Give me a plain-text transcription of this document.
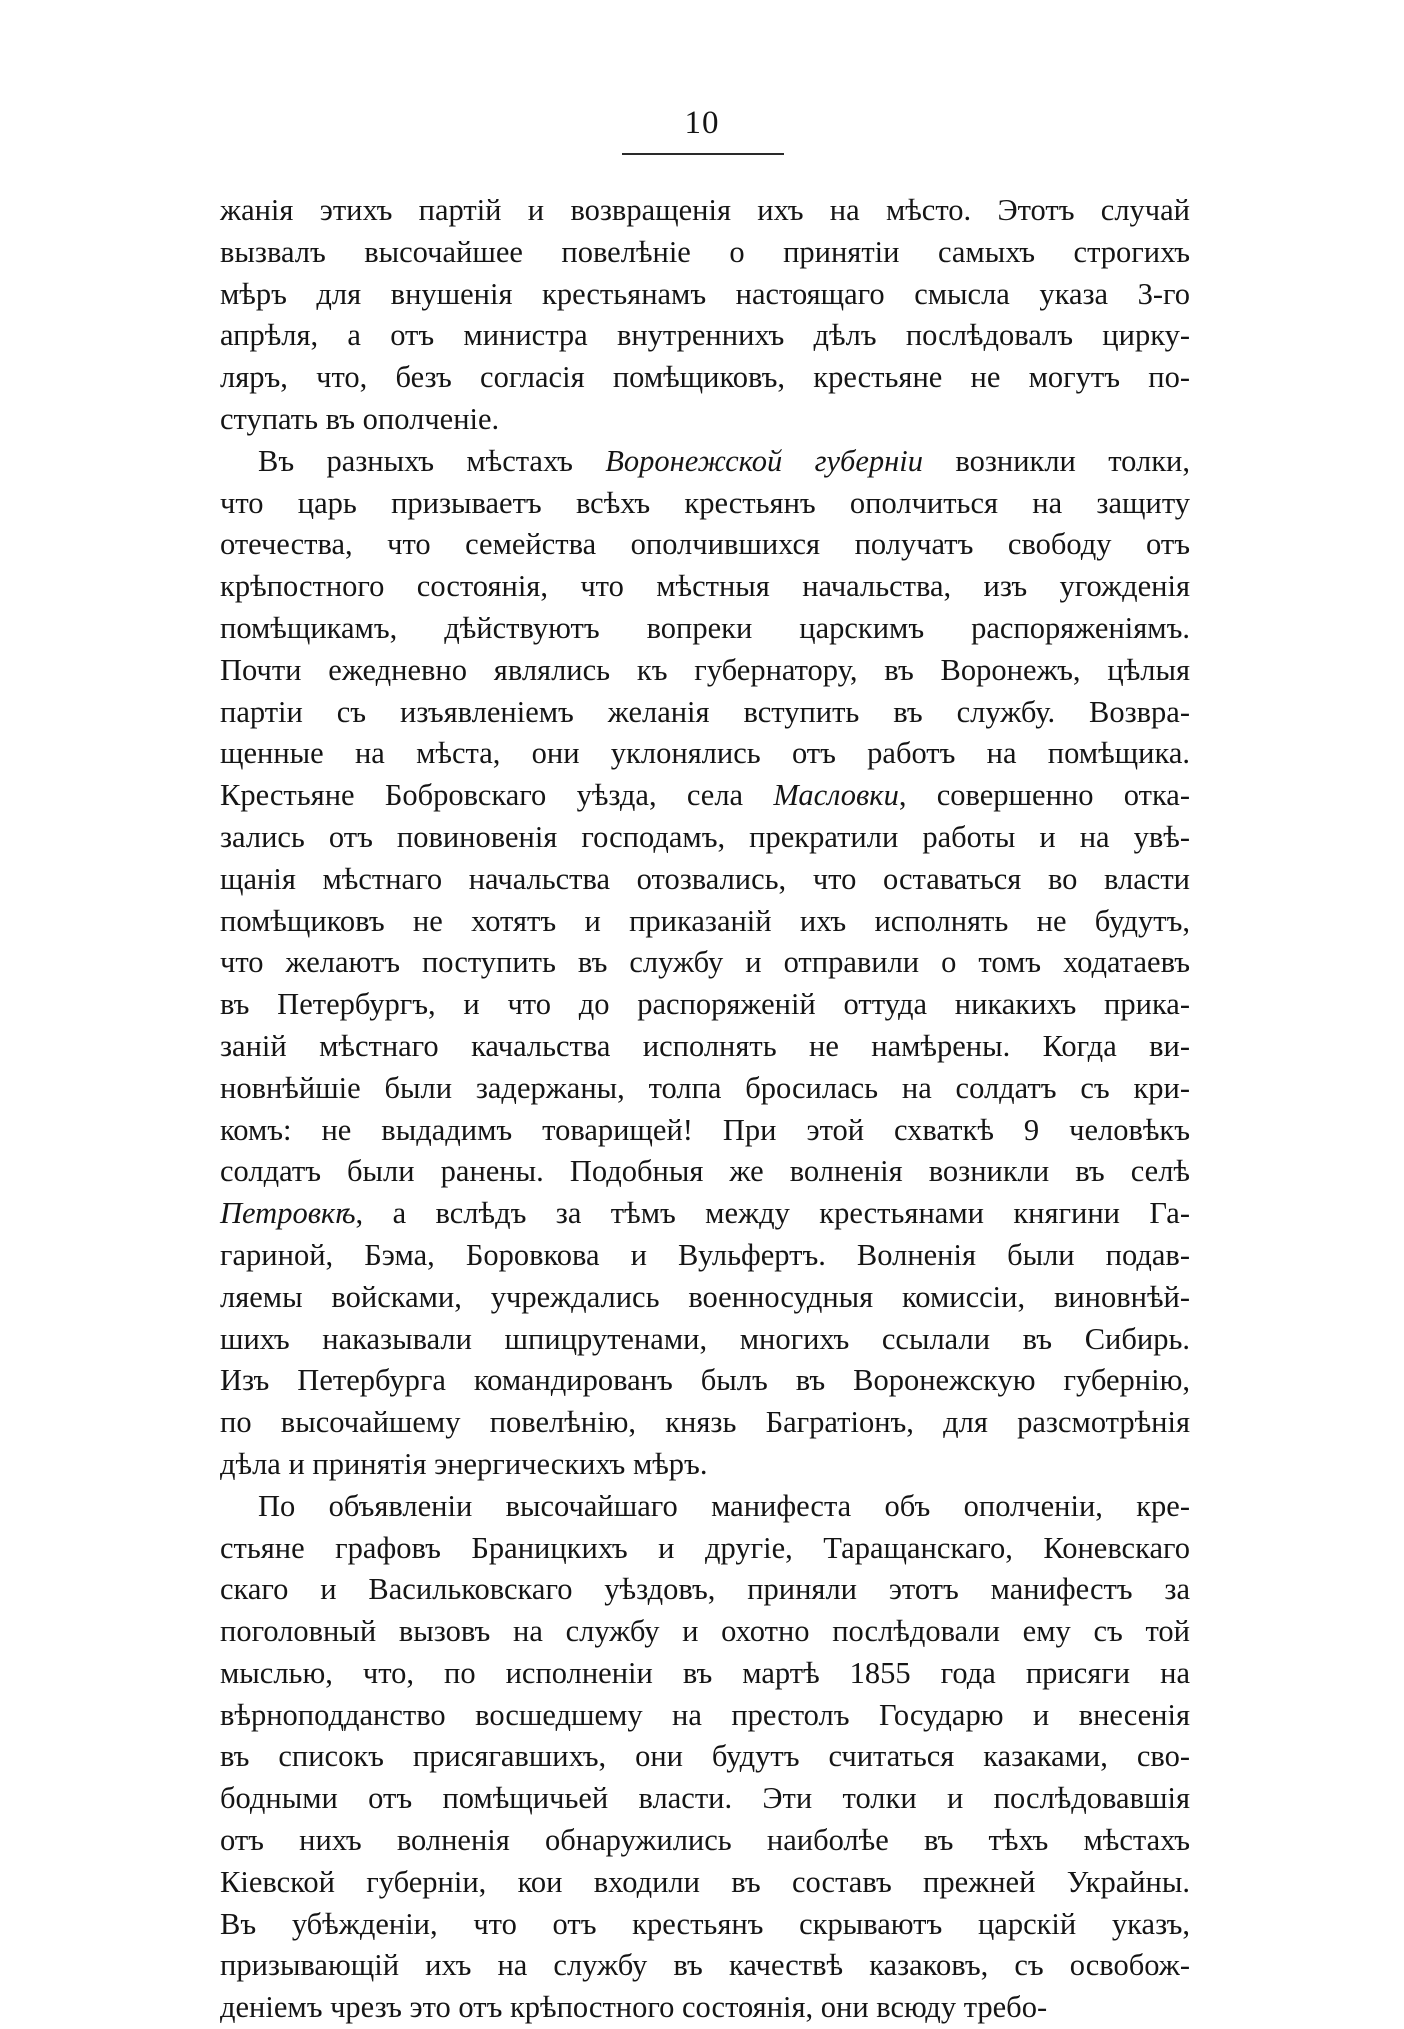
10
жанія этихъ партій и возвращенія ихъ на мѣсто. Этотъ случай
вызвалъ высочайшее повелѣніе о принятіи самыхъ строгихъ
мѣръ для внушенія крестьянамъ настоящаго смысла указа 3-го
апрѣля, а отъ министра внутреннихъ дѣлъ послѣдовалъ цирку-
ляръ, что, безъ согласія помѣщиковъ, крестьяне не могутъ по-
ступать въ ополченіе.
Въ разныхъ мѣстахъ Воронежской губерніи возникли толки,
что царь призываетъ всѣхъ крестьянъ ополчиться на защиту
отечества, что семейства ополчившихся получатъ свободу отъ
крѣпостного состоянія, что мѣстныя начальства, изъ угожденія
помѣщикамъ, дѣйствуютъ вопреки царскимъ распоряженіямъ.
Почти ежедневно являлись къ губернатору, въ Воронежъ, цѣлыя
партіи съ изъявленіемъ желанія вступить въ службу. Возвра-
щенные на мѣста, они уклонялись отъ работъ на помѣщика.
Крестьяне Бобровскаго уѣзда, села Масловки, совершенно отка-
зались отъ повиновенія господамъ, прекратили работы и на увѣ-
щанія мѣстнаго начальства отозвались, что оставаться во власти
помѣщиковъ не хотятъ и приказаній ихъ исполнять не будутъ,
что желаютъ поступить въ службу и отправили о томъ ходатаевъ
въ Петербургъ, и что до распоряженій оттуда никакихъ прика-
заній мѣстнаго качальства исполнять не намѣрены. Когда ви-
новнѣйшіе были задержаны, толпа бросилась на солдатъ съ кри-
комъ: не выдадимъ товарищей! При этой схваткѣ 9 человѣкъ
солдатъ были ранены. Подобныя же волненія возникли въ селѣ
Петровкѣ, а вслѣдъ за тѣмъ между крестьянами княгини Га-
гариной, Бэма, Боровкова и Вульфертъ. Волненія были подав-
ляемы войсками, учреждались военносудныя комиссіи, виновнѣй-
шихъ наказывали шпицрутенами, многихъ ссылали въ Сибирь.
Изъ Петербурга командированъ былъ въ Воронежскую губернію,
по высочайшему повелѣнію, князь Багратіонъ, для разсмотрѣнія
дѣла и принятія энергическихъ мѣръ.
По объявленіи высочайшаго манифеста объ ополченіи, кре-
стьяне графовъ Браницкихъ и другіе, Таращанскаго, Коневскаго
скаго и Васильковскаго уѣздовъ, приняли этотъ манифестъ за
поголовный вызовъ на службу и охотно послѣдовали ему съ той
мыслью, что, по исполненіи въ мартѣ 1855 года присяги на
вѣрноподданство восшедшему на престолъ Государю и внесенія
въ списокъ присягавшихъ, они будутъ считаться казаками, сво-
бодными отъ помѣщичьей власти. Эти толки и послѣдовавшія
отъ нихъ волненія обнаружились наиболѣе въ тѣхъ мѣстахъ
Кіевской губерніи, кои входили въ составъ прежней Украйны.
Въ убѣжденіи, что отъ крестьянъ скрываютъ царскій указъ,
призывающій ихъ на службу въ качествѣ казаковъ, съ освобож-
деніемъ чрезъ это отъ крѣпостного состоянія, они всюду требо-
